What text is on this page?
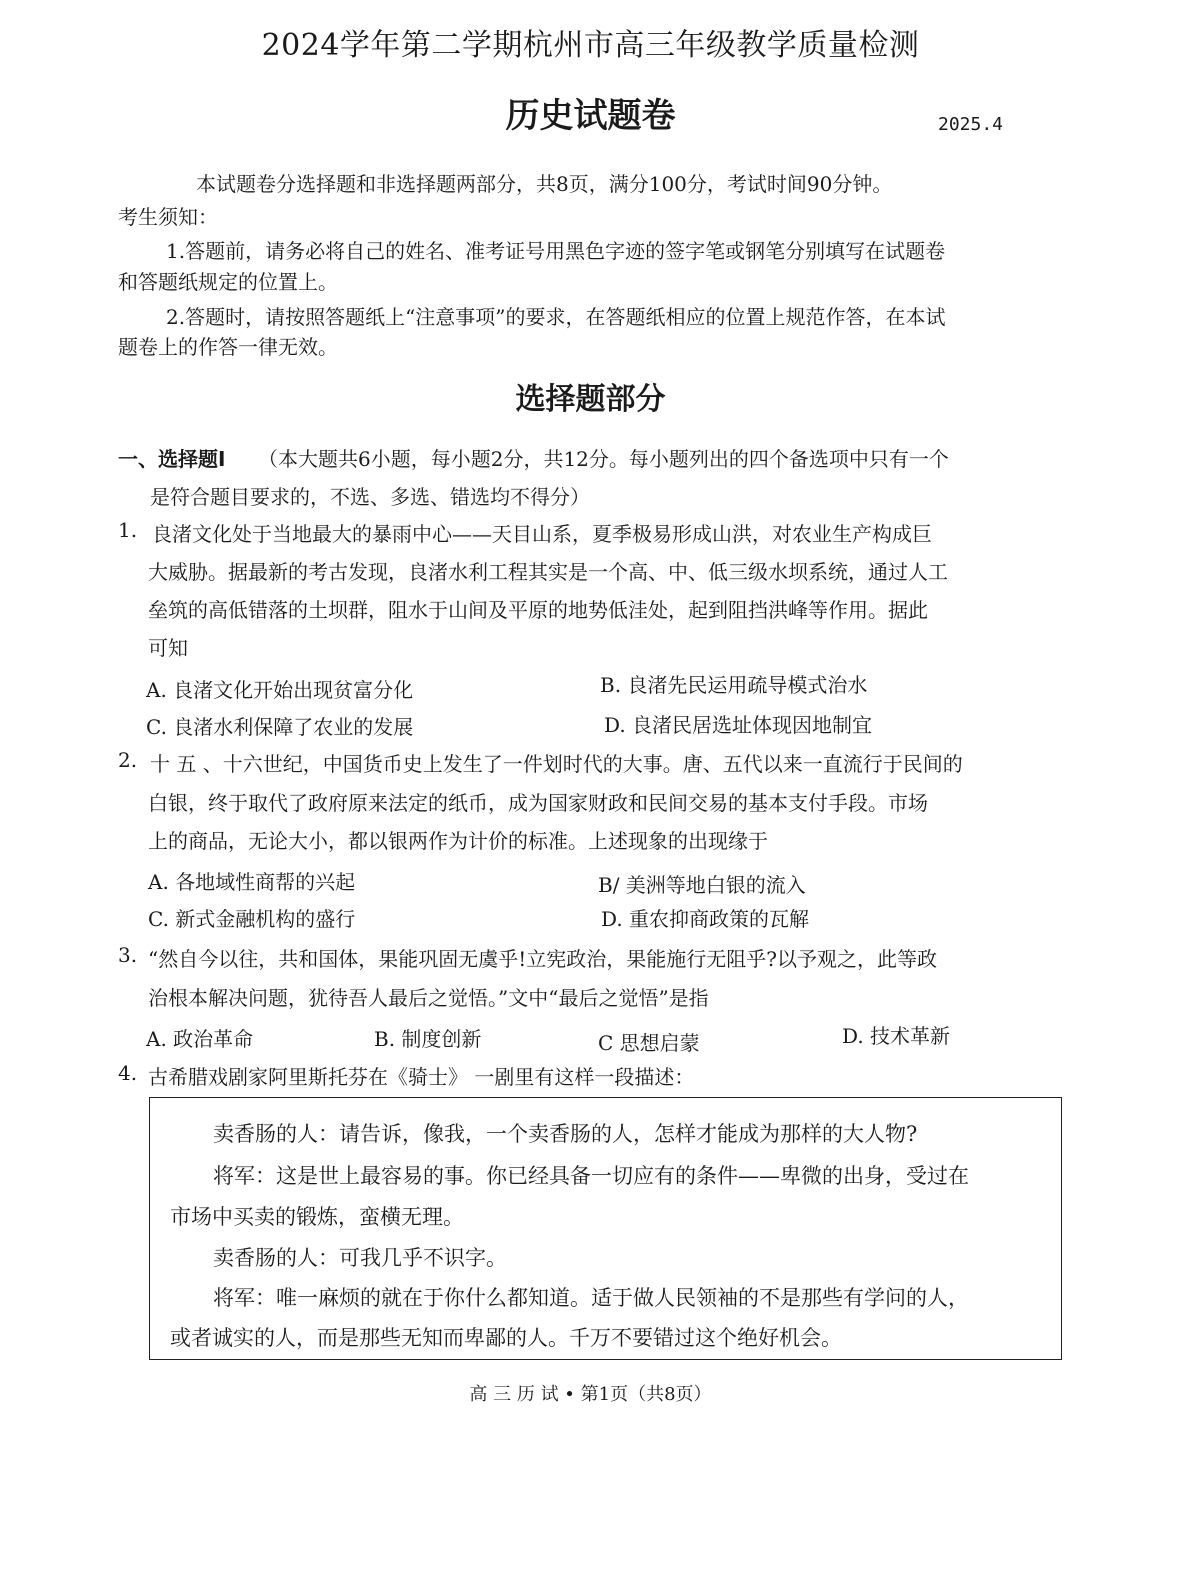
2024学年第二学期杭州市高三年级教学质量检测
历史试题卷	2025.4
本试题卷分选择题和非选择题两部分，共8页，满分100分，考试时间90分钟。
考生须知：
1.答题前，请务必将自己的姓名、准考证号用黑色字迹的签字笔或钢笔分别填写在试题卷
和答题纸规定的位置上。
2.答题时，请按照答题纸上“注意事项”的要求，在答题纸相应的位置上规范作答，在本试
题卷上的作答一律无效。
选择题部分
一、选择题I （本大题共6小题，每小题2分，共12分。每小题列出的四个备选项中只有一个
是符合题目要求的，不选、多选、错选均不得分）
1. 良渚文化处于当地最大的暴雨中心——天目山系，夏季极易形成山洪，对农业生产构成巨
大威胁。据最新的考古发现，良渚水利工程其实是一个高、中、低三级水坝系统，通过人工
垒筑的高低错落的土坝群，阻水于山间及平原的地势低洼处，起到阻挡洪峰等作用。据此
可知
A. 良渚文化开始出现贫富分化	B. 良渚先民运用疏导模式治水
C. 良渚水利保障了农业的发展	D. 良渚民居选址体现因地制宜
2. 十 五 、十六世纪，中国货币史上发生了一件划时代的大事。唐、五代以来一直流行于民间的
白银，终于取代了政府原来法定的纸币，成为国家财政和民间交易的基本支付手段。市场
上的商品，无论大小，都以银两作为计价的标准。上述现象的出现缘于
A. 各地域性商帮的兴起	B/ 美洲等地白银的流入
C. 新式金融机构的盛行	D. 重农抑商政策的瓦解
3. “然自今以往，共和国体，果能巩固无虞乎!立宪政治，果能施行无阻乎?以予观之，此等政
治根本解决问题，犹待吾人最后之觉悟。”文中“最后之觉悟”是指
A. 政治革命	B. 制度创新	C 思想启蒙	D. 技术革新
4. 古希腊戏剧家阿里斯托芬在《骑士》 一剧里有这样一段描述：
卖香肠的人：请告诉，像我，一个卖香肠的人，怎样才能成为那样的大人物?
将军：这是世上最容易的事。你已经具备一切应有的条件——卑微的出身，受过在
市场中买卖的锻炼，蛮横无理。
卖香肠的人：可我几乎不识字。
将军：唯一麻烦的就在于你什么都知道。适于做人民领袖的不是那些有学问的人，
或者诚实的人，而是那些无知而卑鄙的人。千万不要错过这个绝好机会。
高 三 历 试 • 第1页（共8页）
